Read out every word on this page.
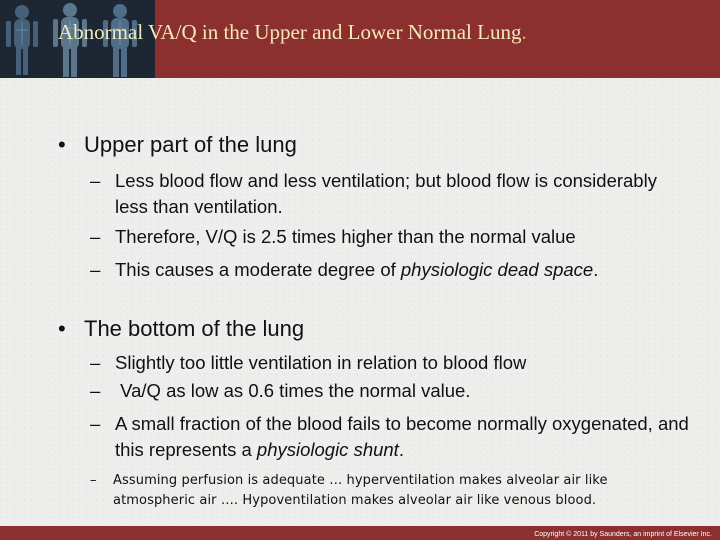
Abnormal VA/Q in the Upper and Lower Normal Lung.
• Upper part of the lung
– Less blood flow and less ventilation; but blood flow is considerably less than ventilation.
– Therefore, V/Q is 2.5 times higher than the normal value
– This causes a moderate degree of physiologic dead space.
• The bottom of the lung
– Slightly too little ventilation in relation to blood flow
– Va/Q as low as 0.6 times the normal value.
– A small fraction of the blood fails to become normally oxygenated, and this represents a physiologic shunt.
–	Assuming perfusion is adequate … hyperventilation makes alveolar air like atmospheric air …. Hypoventilation makes alveolar air like venous blood.
Copyright © 2011 by Saunders, an imprint of Elsevier Inc.
